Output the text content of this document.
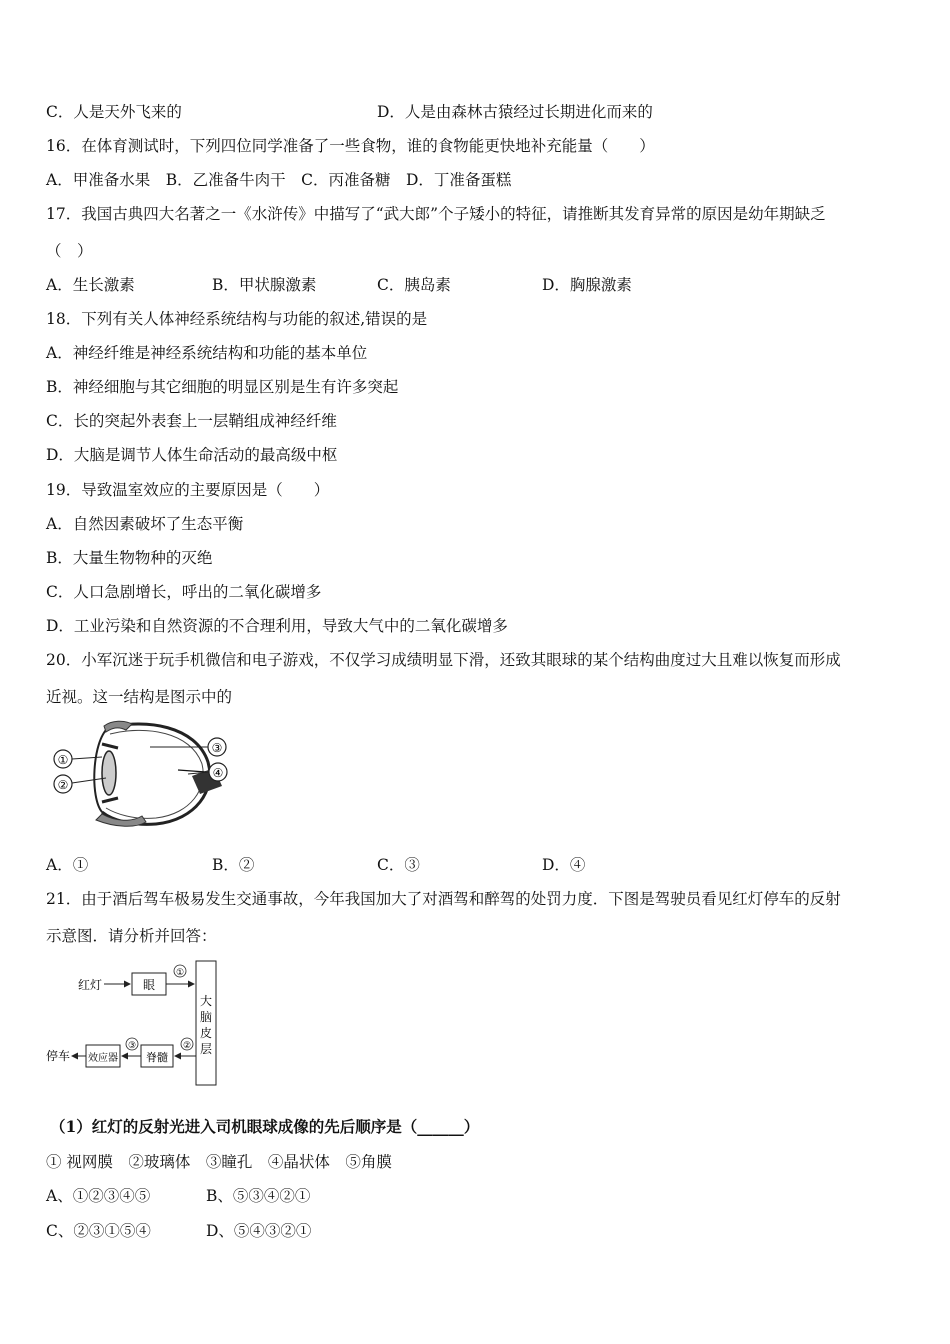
C．人是天外飞来的	D．人是由森林古猿经过长期进化而来的
16．在体育测试时，下列四位同学准备了一些食物，谁的食物能更快地补充能量（　　）
A．甲准备水果　B．乙准备牛肉干　C．丙准备糖　D．丁准备蛋糕
17．我国古典四大名著之一《水浒传》中描写了“武大郎”个子矮小的特征，请推断其发育异常的原因是幼年期缺乏
（　）
A．生长激素	B．甲状腺激素	C．胰岛素	D．胸腺激素
18．下列有关人体神经系统结构与功能的叙述,错误的是
A．神经纤维是神经系统结构和功能的基本单位
B．神经细胞与其它细胞的明显区别是生有许多突起
C．长的突起外表套上一层鞘组成神经纤维
D．大脑是调节人体生命活动的最高级中枢
19．导致温室效应的主要原因是（　　）
A．自然因素破坏了生态平衡
B．大量生物物种的灭绝
C．人口急剧增长，呼出的二氧化碳增多
D．工业污染和自然资源的不合理利用，导致大气中的二氧化碳增多
20．小军沉迷于玩手机微信和电子游戏，不仅学习成绩明显下滑，还致其眼球的某个结构曲度过大且难以恢复而形成
近视。这一结构是图示中的
①
②
③
④
A．①	B．②	C．③	D．④
21．由于酒后驾车极易发生交通事故，今年我国加大了对酒驾和醉驾的处罚力度．下图是驾驶员看见红灯停车的反射
示意图．请分析并回答：
红灯	眼
①
大
脑
皮
层
②
脊髓
③
效应器
停车
（1）红灯的反射光进入司机眼球成像的先后顺序是（______）
① 视网膜　②玻璃体　③瞳孔　④晶状体　⑤角膜
A、①②③④⑤	B、⑤③④②①
C、②③①⑤④	D、⑤④③②①
